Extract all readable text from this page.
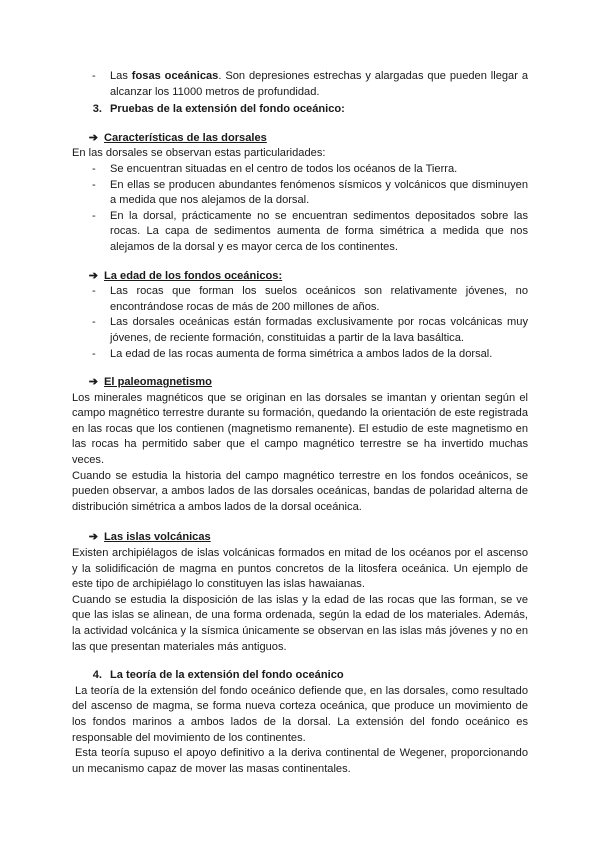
-	Las fosas oceánicas. Son depresiones estrechas y alargadas que pueden llegar a alcanzar los 11000 metros de profundidad.
3. Pruebas de la extensión del fondo oceánico:
➔ Características de las dorsales
En las dorsales se observan estas particularidades:
-	Se encuentran situadas en el centro de todos los océanos de la Tierra.
-	En ellas se producen abundantes fenómenos sísmicos y volcánicos que disminuyen a medida que nos alejamos de la dorsal.
-	En la dorsal, prácticamente no se encuentran sedimentos depositados sobre las rocas. La capa de sedimentos aumenta de forma simétrica a medida que nos alejamos de la dorsal y es mayor cerca de los continentes.
➔ La edad de los fondos oceánicos:
-	Las rocas que forman los suelos oceánicos son relativamente jóvenes, no encontrándose rocas de más de 200 millones de años.
-	Las dorsales oceánicas están formadas exclusivamente por rocas volcánicas muy jóvenes, de reciente formación, constituidas a partir de la lava basáltica.
-	La edad de las rocas aumenta de forma simétrica a ambos lados de la dorsal.
➔ El paleomagnetismo
Los minerales magnéticos que se originan en las dorsales se imantan y orientan según el campo magnético terrestre durante su formación, quedando la orientación de este registrada en las rocas que los contienen (magnetismo remanente). El estudio de este magnetismo en las rocas ha permitido saber que el campo magnético terrestre se ha invertido muchas veces.
Cuando se estudia la historia del campo magnético terrestre en los fondos oceánicos, se pueden observar, a ambos lados de las dorsales oceánicas, bandas de polaridad alterna de distribución simétrica a ambos lados de la dorsal oceánica.
➔ Las islas volcánicas
Existen archipiélagos de islas volcánicas formados en mitad de los océanos por el ascenso y la solidificación de magma en puntos concretos de la litosfera oceánica. Un ejemplo de este tipo de archipiélago lo constituyen las islas hawaianas.
Cuando se estudia la disposición de las islas y la edad de las rocas que las forman, se ve que las islas se alinean, de una forma ordenada, según la edad de los materiales. Además, la actividad volcánica y la sísmica únicamente se observan en las islas más jóvenes y no en las que presentan materiales más antiguos.
4. La teoría de la extensión del fondo oceánico
La teoría de la extensión del fondo oceánico defiende que, en las dorsales, como resultado del ascenso de magma, se forma nueva corteza oceánica, que produce un movimiento de los fondos marinos a ambos lados de la dorsal. La extensión del fondo oceánico es responsable del movimiento de los continentes.
Esta teoría supuso el apoyo definitivo a la deriva continental de Wegener, proporcionando un mecanismo capaz de mover las masas continentales.
